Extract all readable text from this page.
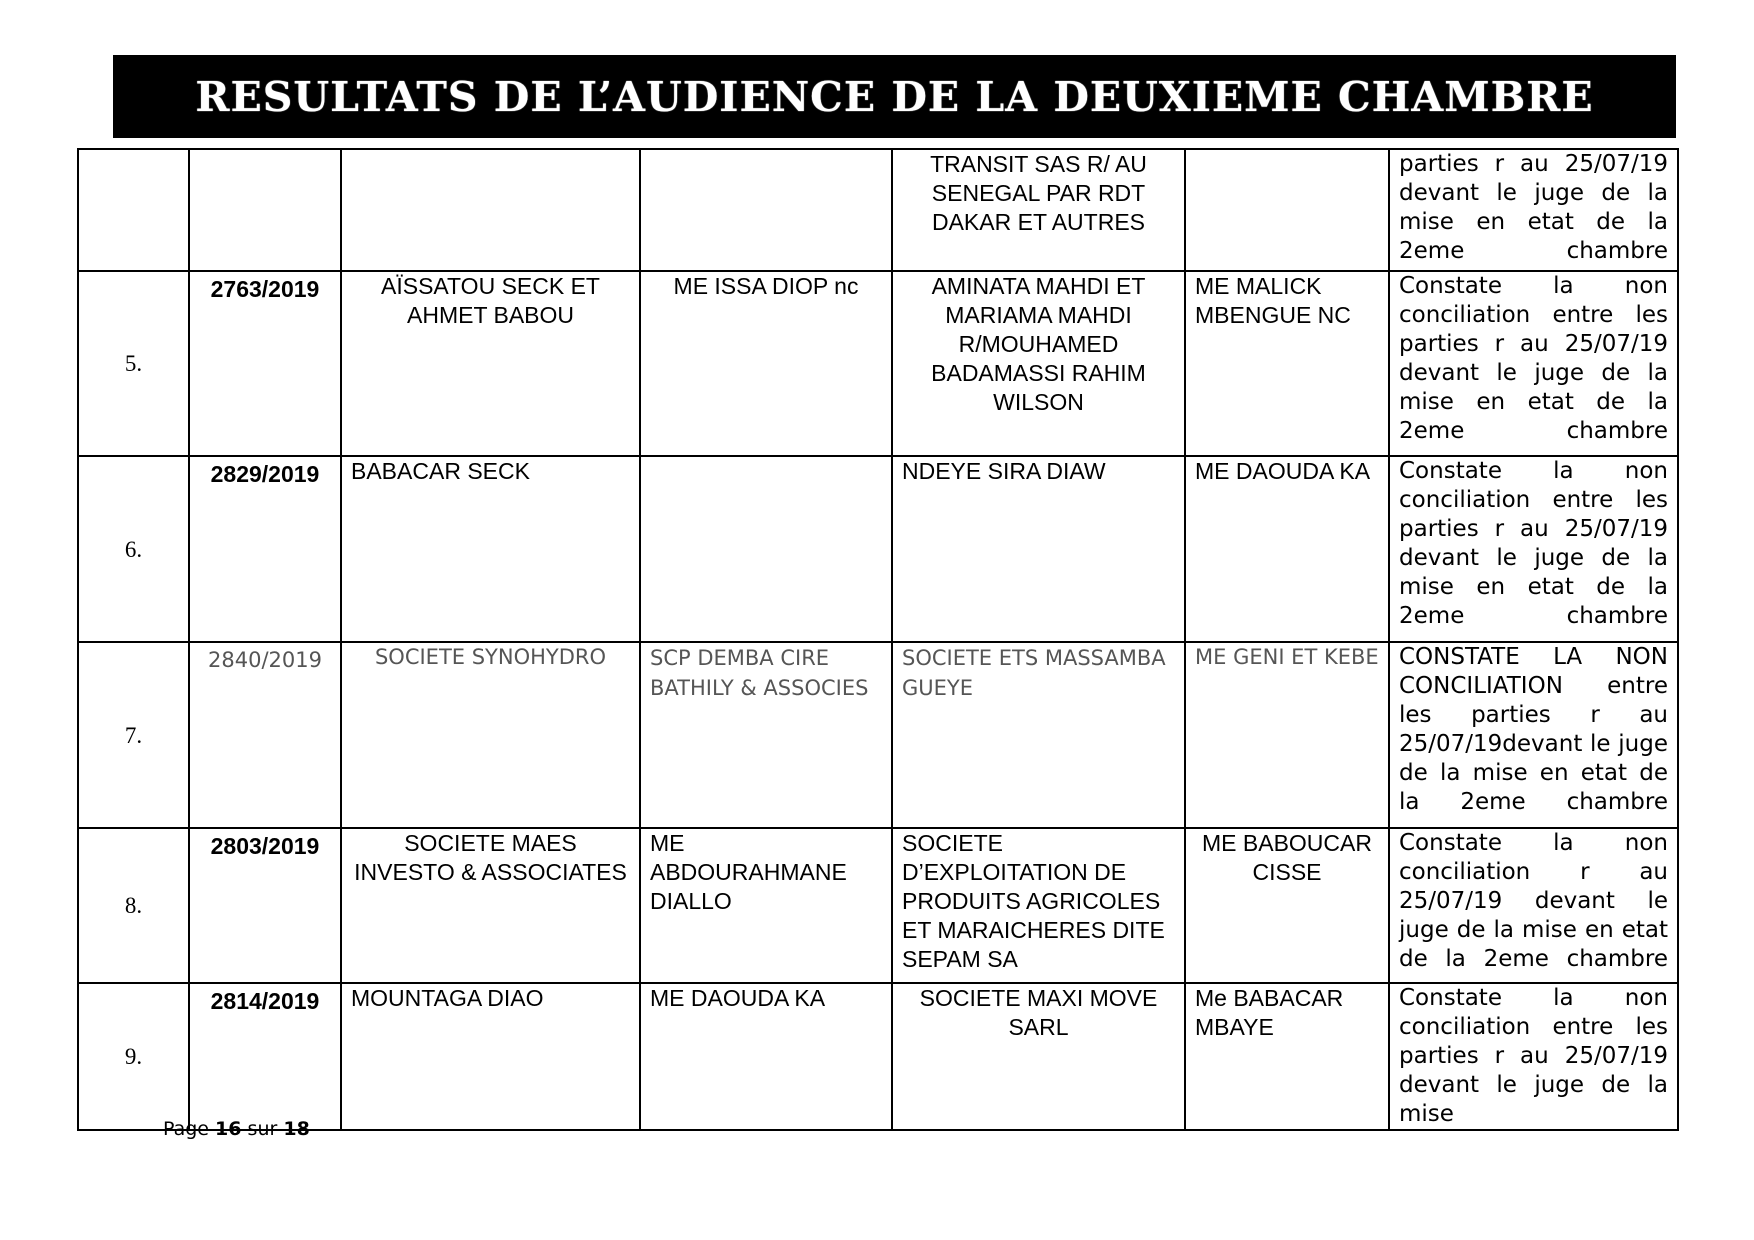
RESULTATS DE L’AUDIENCE DE LA DEUXIEME CHAMBRE
				TRANSIT SAS R/ AU SENEGAL PAR RDT DAKAR ET AUTRES		parties r au 25/07/19 devant le juge de la mise en etat de la 2eme chambre
5.	2763/2019	AÏSSATOU SECK ET AHMET BABOU	ME ISSA DIOP nc	AMINATA MAHDI ET MARIAMA MAHDI R/MOUHAMED BADAMASSI RAHIM WILSON	ME MALICK MBENGUE NC	Constate la non conciliation entre les parties r au 25/07/19 devant le juge de la mise en etat de la 2eme chambre
6.	2829/2019	BABACAR SECK		NDEYE SIRA DIAW	ME DAOUDA KA	Constate la non conciliation entre les parties r au 25/07/19 devant le juge de la mise en etat de la 2eme chambre
7.	2840/2019	SOCIETE SYNOHYDRO	SCP DEMBA CIRE BATHILY & ASSOCIES	SOCIETE ETS MASSAMBA GUEYE	ME GENI ET KEBE	CONSTATE LA NON CONCILIATION entre les parties r au 25/07/19devant le juge de la mise en etat de la 2eme chambre
8.	2803/2019	SOCIETE MAES INVESTO & ASSOCIATES	ME ABDOURAHMANE DIALLO	SOCIETE D’EXPLOITATION DE PRODUITS AGRICOLES ET MARAICHERES DITE SEPAM SA	ME BABOUCAR CISSE	Constate la non conciliation r au 25/07/19 devant le juge de la mise en etat de la 2eme chambre
9.	2814/2019	MOUNTAGA DIAO	ME DAOUDA KA	SOCIETE MAXI MOVE SARL	Me BABACAR MBAYE	Constate la non conciliation entre les parties r au 25/07/19 devant le juge de la mise
Page 16 sur 18
